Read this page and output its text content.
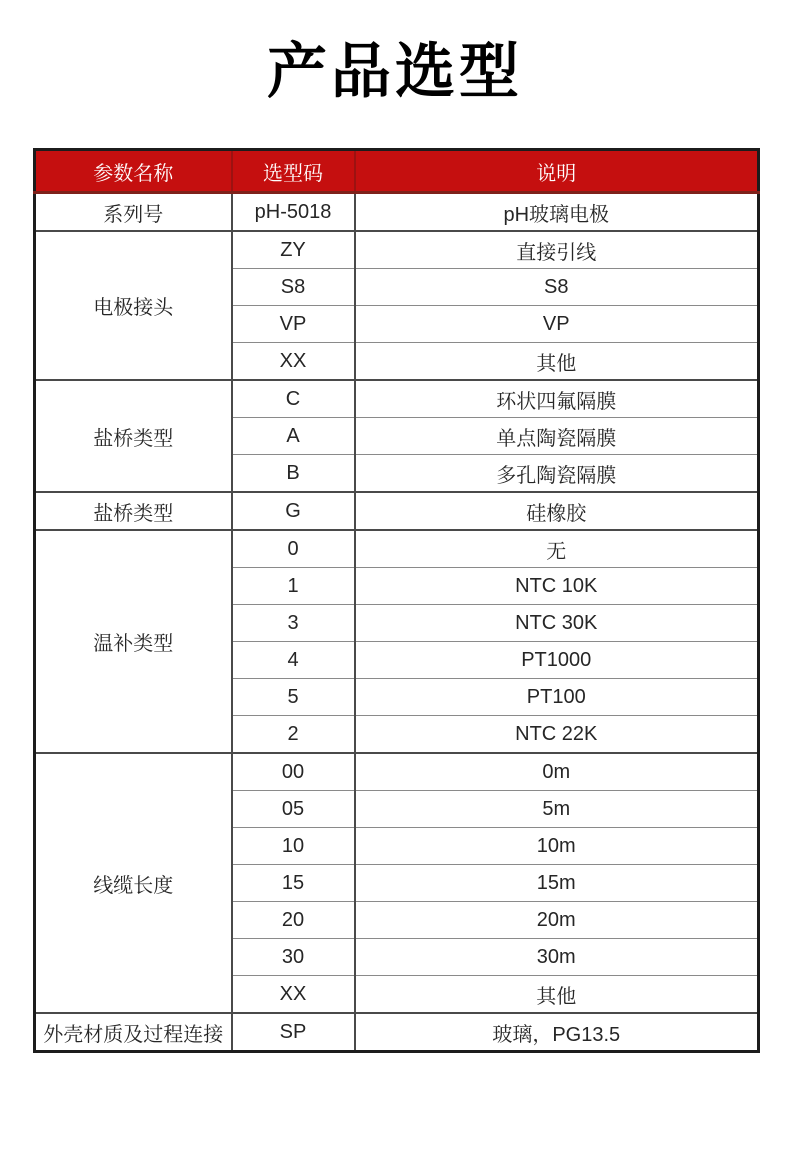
产品选型
参数名称	选型码	说明
系列号	pH-5018	pH玻璃电极
电极接头	ZY	直接引线
	S8	S8
	VP	VP
	XX	其他
盐桥类型	C	环状四氟隔膜
	A	单点陶瓷隔膜
	B	多孔陶瓷隔膜
盐桥类型	G	硅橡胶
温补类型	0	无
	1	NTC 10K
	3	NTC 30K
	4	PT1000
	5	PT100
	2	NTC 22K
线缆长度	00	0m
	05	5m
	10	10m
	15	15m
	20	20m
	30	30m
	XX	其他
外壳材质及过程连接	SP	玻璃，PG13.5
